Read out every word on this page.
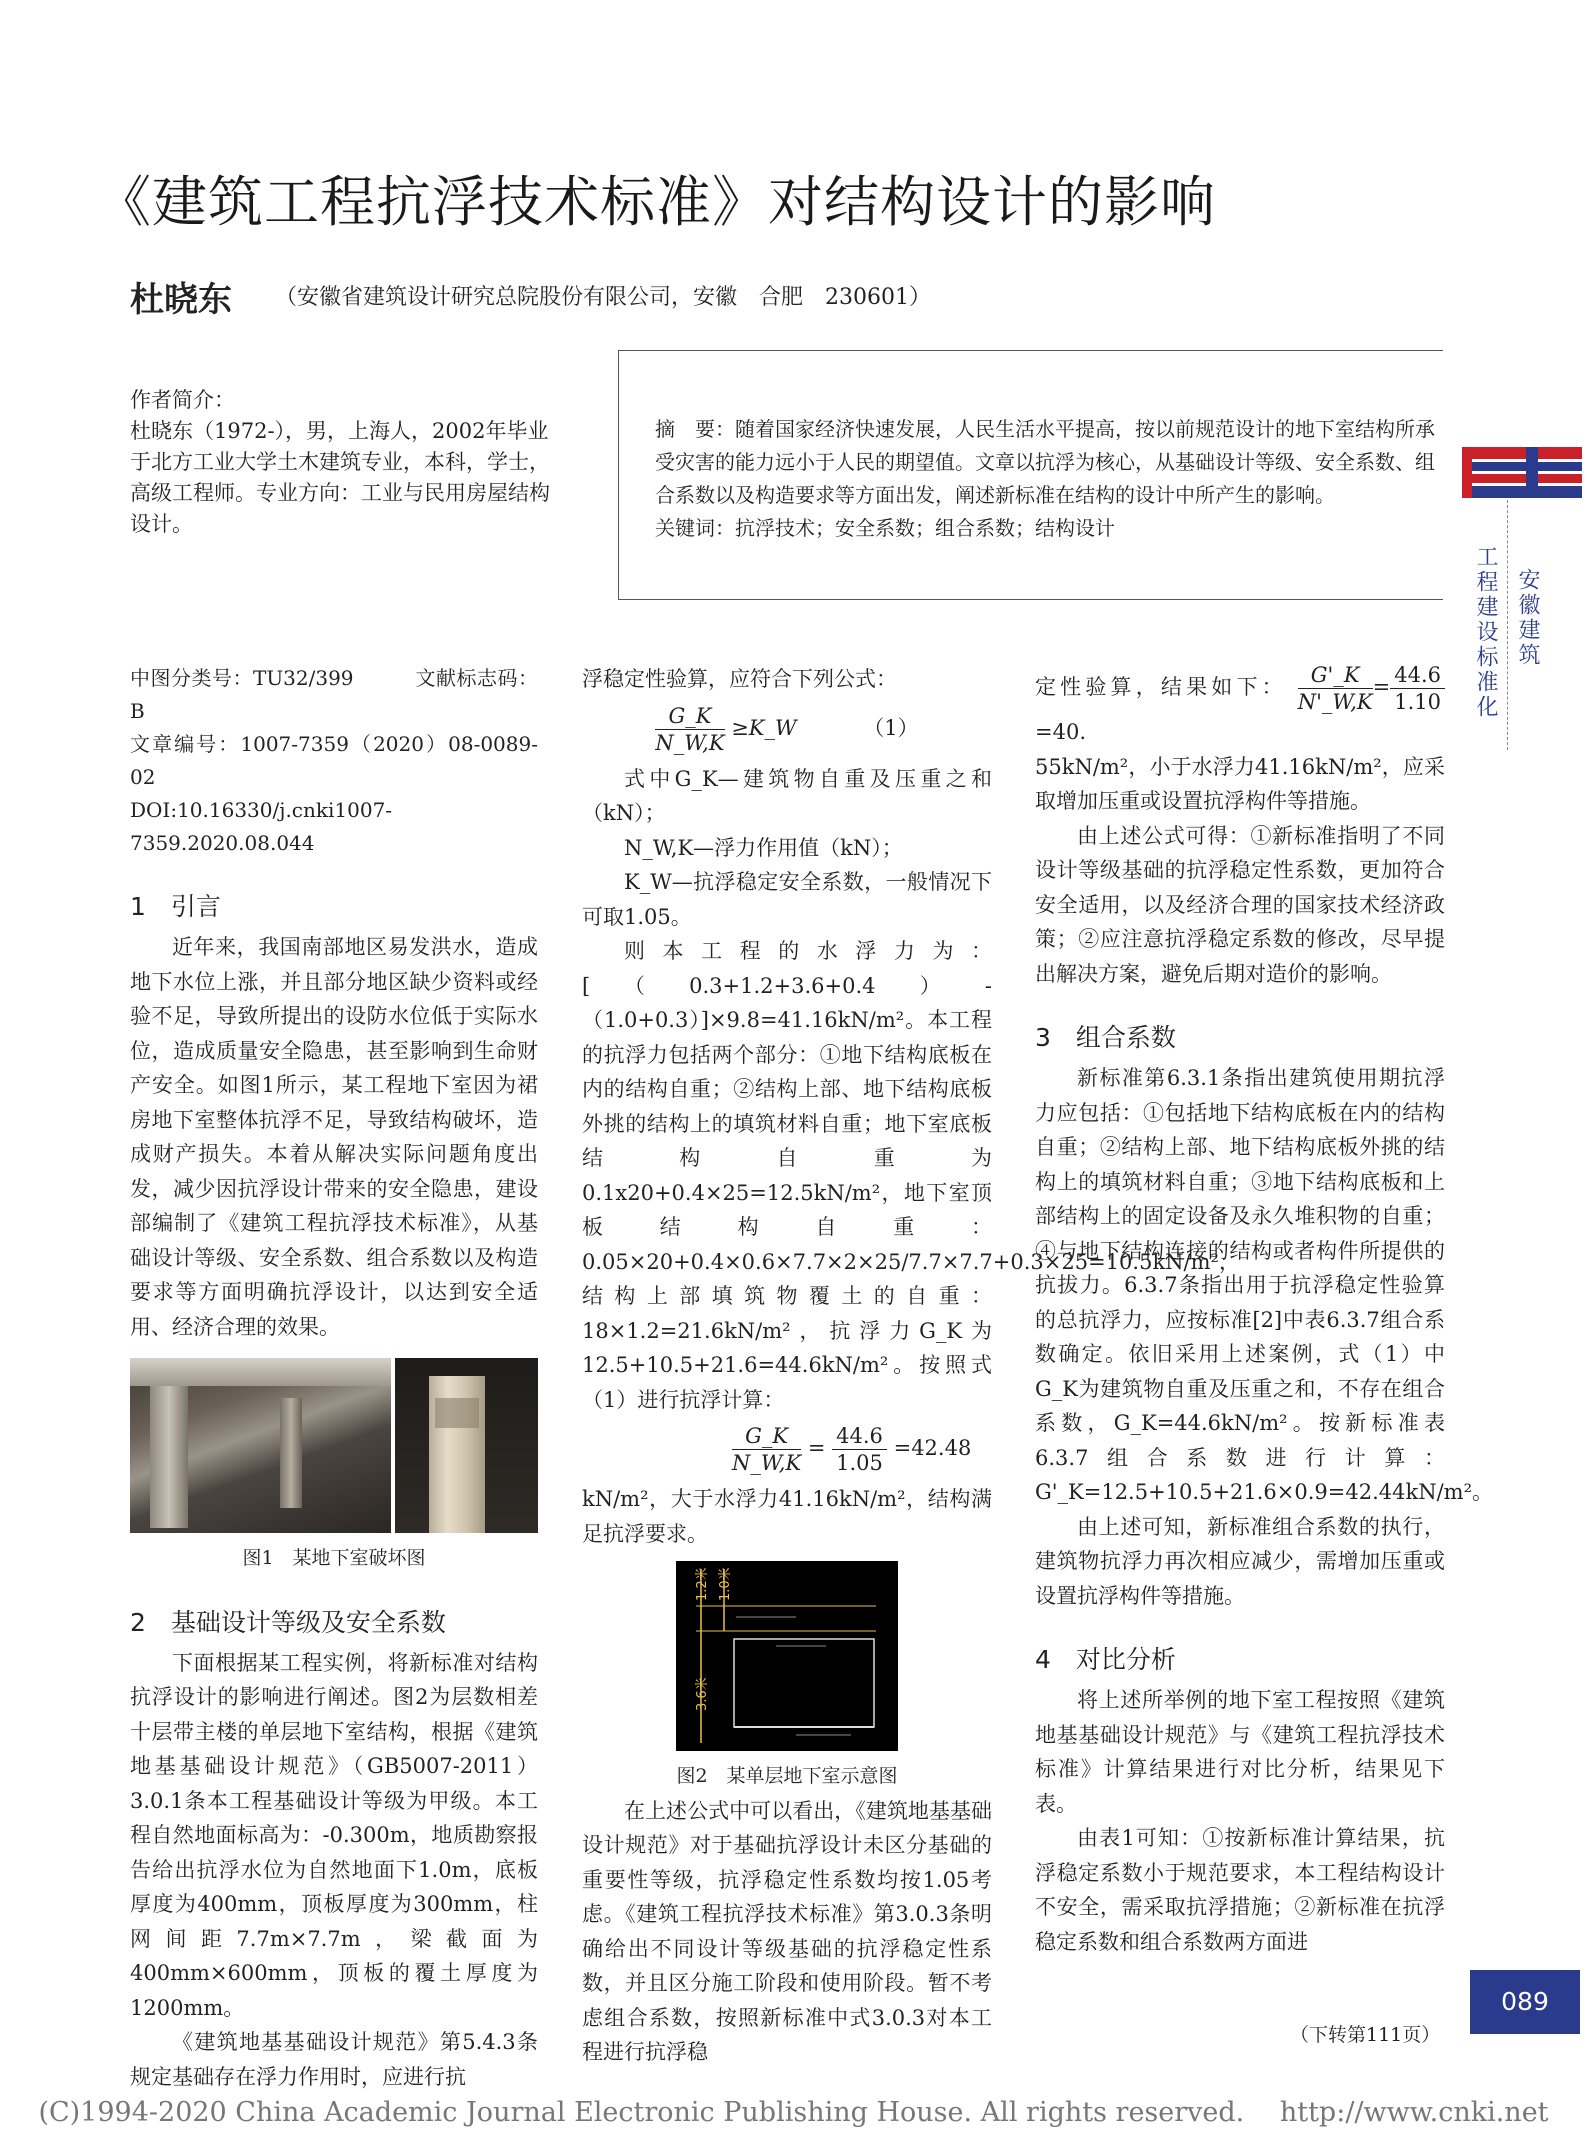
《建筑工程抗浮技术标准》对结构设计的影响
杜晓东 （安徽省建筑设计研究总院股份有限公司，安徽　合肥　230601）
作者简介：
杜晓东（1972-），男，上海人，2002年毕业于北方工业大学土木建筑专业，本科，学士，高级工程师。专业方向：工业与民用房屋结构设计。
摘　要：随着国家经济快速发展，人民生活水平提高，按以前规范设计的地下室结构所承受灾害的能力远小于人民的期望值。文章以抗浮为核心，从基础设计等级、安全系数、组合系数以及构造要求等方面出发，阐述新标准在结构的设计中所产生的影响。
关键词：抗浮技术；安全系数；组合系数；结构设计
工程建设标准化 安徽建筑
中图分类号：TU32/399　　　文献标志码：B
文章编号：1007-7359（2020）08-0089-02
DOI:10.16330/j.cnki1007-7359.2020.08.044
1　引言

近年来，我国南部地区易发洪水，造成地下水位上涨，并且部分地区缺少资料或经验不足，导致所提出的设防水位低于实际水位，造成质量安全隐患，甚至影响到生命财产安全。如图1所示，某工程地下室因为裙房地下室整体抗浮不足，导致结构破坏，造成财产损失。本着从解决实际问题角度出发，减少因抗浮设计带来的安全隐患，建设部编制了《建筑工程抗浮技术标准》，从基础设计等级、安全系数、组合系数以及构造要求等方面明确抗浮设计，以达到安全适用、经济合理的效果。

图1　某地下室破坏图
2　基础设计等级及安全系数

下面根据某工程实例，将新标准对结构抗浮设计的影响进行阐述。图2为层数相差十层带主楼的单层地下室结构，根据《建筑地基基础设计规范》（GB5007-2011）3.0.1条本工程基础设计等级为甲级。本工程自然地面标高为：-0.300m，地质勘察报告给出抗浮水位为自然地面下1.0m，底板厚度为400mm，顶板厚度为300mm，柱网间距7.7m×7.7m，梁截面为400mm×600mm，顶板的覆土厚度为1200mm。

《建筑地基基础设计规范》第5.4.3条规定基础存在浮力作用时，应进行抗

浮稳定性验算，应符合下列公式：

$\frac{G\_K}{N\_W,K}$ ≥K_W	（1）

式中G_K—建筑物自重及压重之和（kN）；

N_W,K—浮力作用值（kN）；

K_W—抗浮稳定安全系数，一般情况下可取1.05。

则本工程的水浮力为：[（0.3+1.2+3.6+0.4）-（1.0+0.3）]×9.8=41.16kN/m²。本工程的抗浮力包括两个部分：①地下结构底板在内的结构自重；②结构上部、地下结构底板外挑的结构上的填筑材料自重；地下室底板结构自重为0.1x20+0.4×25=12.5kN/m²，地下室顶板结构自重：0.05×20+0.4×0.6×7.7×2×25/7.7×7.7+0.3×25=10.5kN/m²，结构上部填筑物覆土的自重：18×1.2=21.6kN/m²，抗浮力G_K为12.5+10.5+21.6=44.6kN/m²。按照式（1）进行抗浮计算：

$\frac{G\_K}{N\_W,K} = \frac{44.6}{1.05} =42.48$

kN/m²，大于水浮力41.16kN/m²，结构满足抗浮要求。

1.2米 1.0米
3.6米
图2　某单层地下室示意图

在上述公式中可以看出，《建筑地基基础设计规范》对于基础抗浮设计未区分基础的重要性等级，抗浮稳定性系数均按1.05考虑。《建筑工程抗浮技术标准》第3.0.3条明确给出不同设计等级基础的抗浮稳定性系数，并且区分施工阶段和使用阶段。暂不考虑组合系数，按照新标准中式3.0.3对本工程进行抗浮稳

定性验算，结果如下： $\frac{G'\_K}{N'\_W,K} = \frac{44.6}{1.10}$
=40.

55kN/m²，小于水浮力41.16kN/m²，应采取增加压重或设置抗浮构件等措施。

由上述公式可得：①新标准指明了不同设计等级基础的抗浮稳定性系数，更加符合安全适用，以及经济合理的国家技术经济政策；②应注意抗浮稳定系数的修改，尽早提出解决方案，避免后期对造价的影响。

3　组合系数

新标准第6.3.1条指出建筑使用期抗浮力应包括：①包括地下结构底板在内的结构自重；②结构上部、地下结构底板外挑的结构上的填筑材料自重；③地下结构底板和上部结构上的固定设备及永久堆积物的自重；④与地下结构连接的结构或者构件所提供的抗拔力。6.3.7条指出用于抗浮稳定性验算的总抗浮力，应按标准[2]中表6.3.7组合系数确定。依旧采用上述案例，式（1）中G_K为建筑物自重及压重之和，不存在组合系数，G_K=44.6kN/m²。按新标准表6.3.7组合系数进行计算：G'_K=12.5+10.5+21.6×0.9=42.44kN/m²。

由上述可知，新标准组合系数的执行，建筑物抗浮力再次相应减少，需增加压重或设置抗浮构件等措施。

4　对比分析

将上述所举例的地下室工程按照《建筑地基基础设计规范》与《建筑工程抗浮技术标准》计算结果进行对比分析，结果见下表。

由表1可知：①按新标准计算结果，抗浮稳定系数小于规范要求，本工程结构设计不安全，需采取抗浮措施；②新标准在抗浮稳定系数和组合系数两方面进

089
（下转第111页）
(C)1994-2020 China Academic Journal Electronic Publishing House. All rights reserved.　 http://www.cnki.net
